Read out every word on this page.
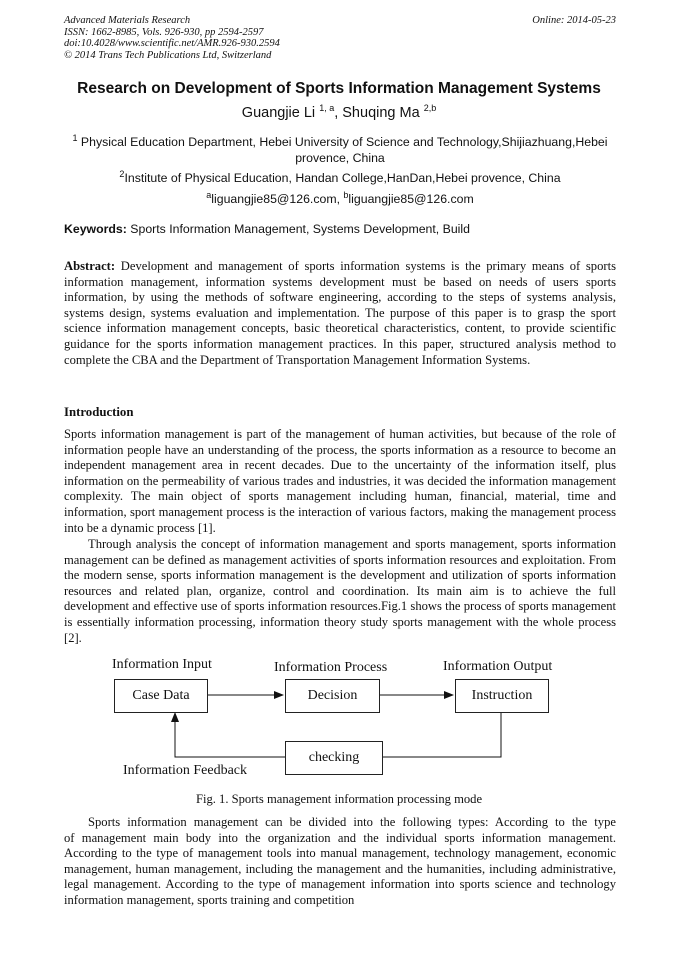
Advanced Materials Research
ISSN: 1662-8985, Vols. 926-930, pp 2594-2597
doi:10.4028/www.scientific.net/AMR.926-930.2594
© 2014 Trans Tech Publications Ltd, Switzerland
Online: 2014-05-23
Research on Development of Sports Information Management Systems
Guangjie Li $^{1, a}$, Shuqing Ma $^{2,b}$
$^1$ Physical Education Department, Hebei University of Science and Technology,Shijiazhuang,Hebei provence, China
$^2$Institute of Physical Education, Handan College,HanDan,Hebei provence, China
$^a$liguangjie85@126.com, $^b$liguangjie85@126.com
Keywords: Sports Information Management, Systems Development, Build
Abstract: Development and management of sports information systems is the primary means of sports information management, information systems development must be based on needs of users sports information, by using the methods of software engineering, according to the steps of systems analysis, systems design, systems evaluation and implementation. The purpose of this paper is to grasp the sport science information management concepts, basic theoretical characteristics, content, to provide scientific guidance for the sports information management practices. In this paper, structured analysis method to complete the CBA and the Department of Transportation Management Information Systems.
Introduction
Sports information management is part of the management of human activities, but because of the role of information people have an understanding of the process, the sports information as a resource to become an independent management area in recent decades. Due to the uncertainty of the information itself, plus information on the permeability of various trades and industries, it was decided the information management complexity. The main object of sports management including human, financial, material, time and information, sport management process is the interaction of various factors, making the management process into be a dynamic process [1].
Through analysis the concept of information management and sports management, sports information management can be defined as management activities of sports information resources and exploitation. From the modern sense, sports information management is the development and utilization of sports information resources and related plan, organize, control and coordination. Its main aim is to achieve the full development and effective use of sports information resources.Fig.1 shows the process of sports management is essentially information processing, information theory study sports management with the whole process [2].
Information Input	Information Process	Information Output
Information Feedback
Case Data	Decision	Instruction
checking
Fig. 1. Sports management information processing mode
Sports information management can be divided into the following types: According to the type
of management main body into the organization and the individual sports information management. According to the type of management tools into manual management, technology management, economic management, human management, including the management and the humanities, including administrative, legal management. According to the type of management information into sports science and technology information management, sports training and competition
